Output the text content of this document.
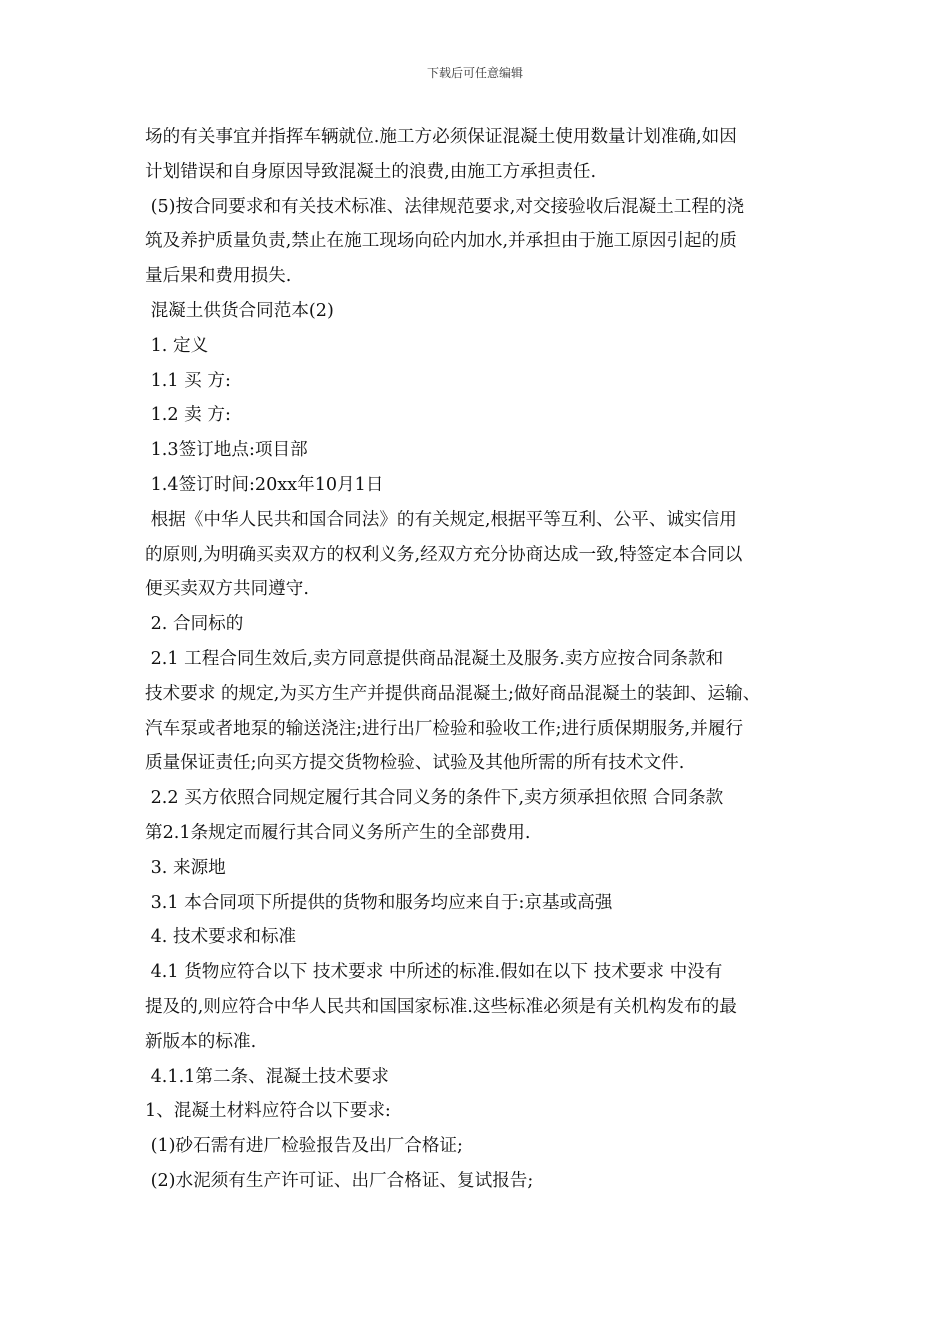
下载后可任意编辑
场的有关事宜并指挥车辆就位.施工方必须保证混凝土使用数量计划准确,如因
计划错误和自身原因导致混凝土的浪费,由施工方承担责任.
(5)按合同要求和有关技术标准、法律规范要求,对交接验收后混凝土工程的浇
筑及养护质量负责,禁止在施工现场向砼内加水,并承担由于施工原因引起的质
量后果和费用损失.
混凝土供货合同范本(2)
1. 定义
1.1 买 方:
1.2 卖 方:
1.3签订地点:项目部
1.4签订时间:20xx年10月1日
根据《中华人民共和国合同法》的有关规定,根据平等互利、公平、诚实信用
的原则,为明确买卖双方的权利义务,经双方充分协商达成一致,特签定本合同以
便买卖双方共同遵守.
2. 合同标的
2.1 工程合同生效后,卖方同意提供商品混凝土及服务.卖方应按合同条款和
技术要求 的规定,为买方生产并提供商品混凝土;做好商品混凝土的装卸、运输、
汽车泵或者地泵的输送浇注;进行出厂检验和验收工作;进行质保期服务,并履行
质量保证责任;向买方提交货物检验、试验及其他所需的所有技术文件.
2.2 买方依照合同规定履行其合同义务的条件下,卖方须承担依照 合同条款
第2.1条规定而履行其合同义务所产生的全部费用.
3. 来源地
3.1 本合同项下所提供的货物和服务均应来自于:京基或高强
4. 技术要求和标准
4.1 货物应符合以下 技术要求 中所述的标准.假如在以下 技术要求 中没有
提及的,则应符合中华人民共和国国家标准.这些标准必须是有关机构发布的最
新版本的标准.
4.1.1第二条、混凝土技术要求
1、混凝土材料应符合以下要求:
(1)砂石需有进厂检验报告及出厂合格证;
(2)水泥须有生产许可证、出厂合格证、复试报告;
